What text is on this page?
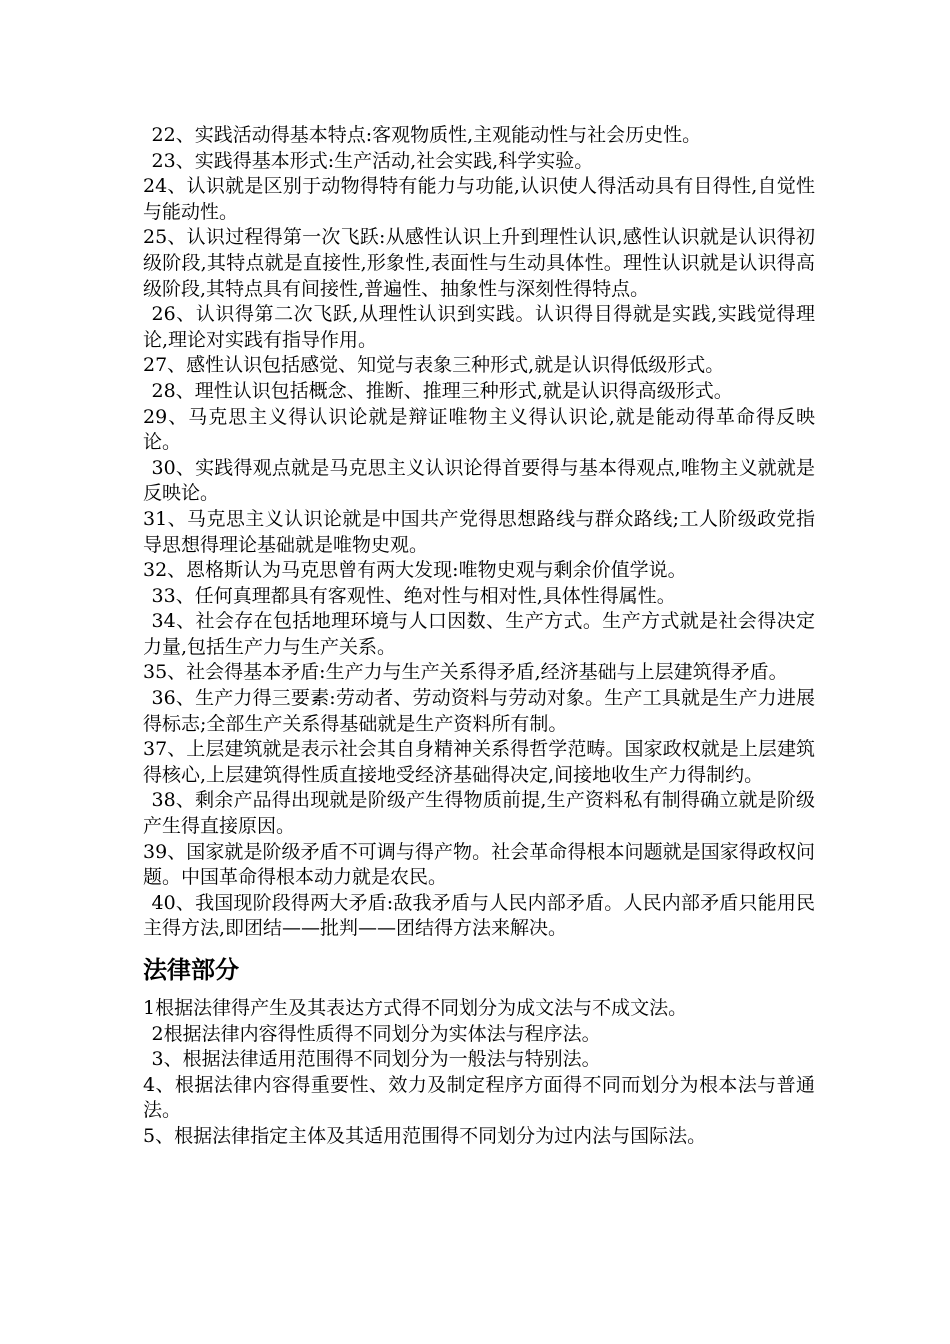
22、实践活动得基本特点:客观物质性,主观能动性与社会历史性。

23、实践得基本形式:生产活动,社会实践,科学实验。

24、认识就是区别于动物得特有能力与功能,认识使人得活动具有目得性,自觉性与能动性。

25、认识过程得第一次飞跃:从感性认识上升到理性认识,感性认识就是认识得初级阶段,其特点就是直接性,形象性,表面性与生动具体性。理性认识就是认识得高级阶段,其特点具有间接性,普遍性、抽象性与深刻性得特点。

26、认识得第二次飞跃,从理性认识到实践。认识得目得就是实践,实践觉得理论,理论对实践有指导作用。

27、感性认识包括感觉、知觉与表象三种形式,就是认识得低级形式。

28、理性认识包括概念、推断、推理三种形式,就是认识得高级形式。

29、马克思主义得认识论就是辩证唯物主义得认识论,就是能动得革命得反映论。

30、实践得观点就是马克思主义认识论得首要得与基本得观点,唯物主义就就是反映论。

31、马克思主义认识论就是中国共产党得思想路线与群众路线;工人阶级政党指导思想得理论基础就是唯物史观。

32、恩格斯认为马克思曾有两大发现:唯物史观与剩余价值学说。

33、任何真理都具有客观性、绝对性与相对性,具体性得属性。

34、社会存在包括地理环境与人口因数、生产方式。生产方式就是社会得决定力量,包括生产力与生产关系。

35、社会得基本矛盾:生产力与生产关系得矛盾,经济基础与上层建筑得矛盾。

36、生产力得三要素:劳动者、劳动资料与劳动对象。生产工具就是生产力进展得标志;全部生产关系得基础就是生产资料所有制。

37、上层建筑就是表示社会其自身精神关系得哲学范畴。国家政权就是上层建筑得核心,上层建筑得性质直接地受经济基础得决定,间接地收生产力得制约。

38、剩余产品得出现就是阶级产生得物质前提,生产资料私有制得确立就是阶级产生得直接原因。

39、国家就是阶级矛盾不可调与得产物。社会革命得根本问题就是国家得政权问题。中国革命得根本动力就是农民。

40、我国现阶段得两大矛盾:敌我矛盾与人民内部矛盾。人民内部矛盾只能用民主得方法,即团结——批判——团结得方法来解决。

法律部分

1根据法律得产生及其表达方式得不同划分为成文法与不成文法。

2根据法律内容得性质得不同划分为实体法与程序法。

3、根据法律适用范围得不同划分为一般法与特别法。

4、根据法律内容得重要性、效力及制定程序方面得不同而划分为根本法与普通法。

5、根据法律指定主体及其适用范围得不同划分为过内法与国际法。
